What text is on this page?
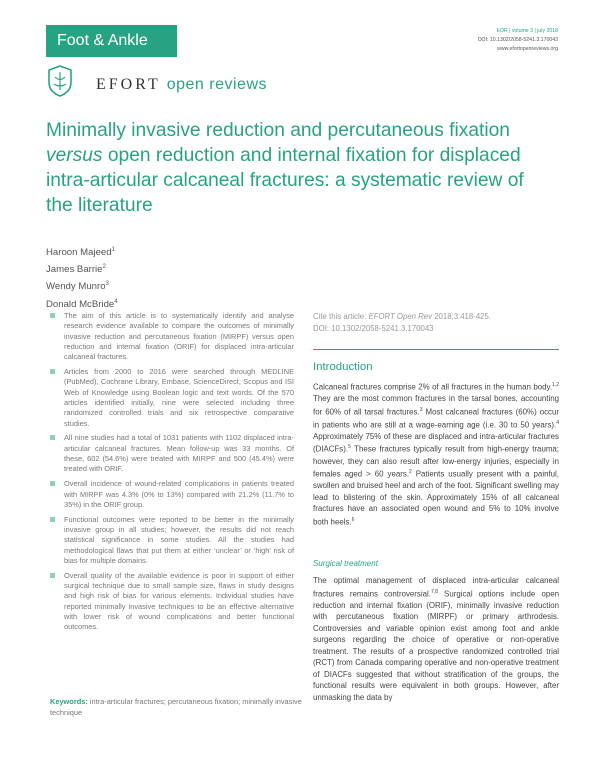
Foot & Ankle
EOR | volume 3 | july 2018
DOI: 10.1302/2058-5241.3.170043
www.efortopenreviews.org
EFORT open reviews
Minimally invasive reduction and percutaneous fixation versus open reduction and internal fixation for displaced intra-articular calcaneal fractures: a systematic review of the literature
Haroon Majeed$^1$
James Barrie$^2$
Wendy Munro$^3$
Donald McBride$^4$
The aim of this article is to systematically identify and analyse research evidence available to compare the outcomes of minimally invasive reduction and percutaneous fixation (MIRPF) versus open reduction and internal fixation (ORIF) for displaced intra-articular calcaneal fractures.
Articles from 2000 to 2016 were searched through MEDLINE (PubMed), Cochrane Library, Embase, ScienceDirect, Scopus and ISI Web of Knowledge using Boolean logic and text words. Of the 570 articles identified initially, nine were selected including three randomized controlled trials and six retrospective comparative studies.
All nine studies had a total of 1031 patients with 1102 displaced intra-articular calcaneal fractures. Mean follow-up was 33 months. Of these, 602 (54.6%) were treated with MIRPF and 500 (45.4%) were treated with ORIF.
Overall incidence of wound-related complications in patients treated with MIRPF was 4.3% (0% to 13%) compared with 21.2% (11.7% to 35%) in the ORIF group.
Functional outcomes were reported to be better in the minimally invasive group in all studies; however, the results did not reach statistical significance in some studies. All the studies had methodological flaws that put them at either ‘unclear’ or ‘high’ risk of bias for multiple domains.
Overall quality of the available evidence is poor in support of either surgical technique due to small sample size, flaws in study designs and high risk of bias for various elements. Individual studies have reported minimally invasive techniques to be an effective alternative with lower risk of wound complications and better functional outcomes.
Keywords: intra-articular fractures; percutaneous fixation; minimally invasive technique
Cite this article: EFORT Open Rev 2018;3:418-425.
DOI: 10.1302/2058-5241.3.170043
Introduction

Calcaneal fractures comprise 2% of all fractures in the human body.$^{1,2}$ They are the most common fractures in the tarsal bones, accounting for 60% of all tarsal fractures.$^3$ Most calcaneal fractures (60%) occur in patients who are still at a wage-earning age (i.e. 30 to 50 years).$^4$ Approximately 75% of these are displaced and intra-articular fractures (DIACFs).$^5$ These fractures typically result from high-energy trauma; however, they can also result after low-energy injuries, especially in females aged > 60 years.$^2$ Patients usually present with a painful, swollen and bruised heel and arch of the foot. Significant swelling may lead to blistering of the skin. Approximately 15% of all calcaneal fractures have an associated open wound and 5% to 10% involve both heels.$^6$

Surgical treatment

The optimal management of displaced intra-articular calcaneal fractures remains controversial.$^{7,8}$ Surgical options include open reduction and internal fixation (ORIF), minimally invasive reduction with percutaneous fixation (MIRPF) or primary arthrodesis. Controversies and variable opinion exist among foot and ankle surgeons regarding the choice of operative or non-operative treatment. The results of a prospective randomized controlled trial (RCT) from Canada comparing operative and non-operative treatment of DIACFs suggested that without stratification of the groups, the functional results were equivalent in both groups. However, after unmasking the data by
